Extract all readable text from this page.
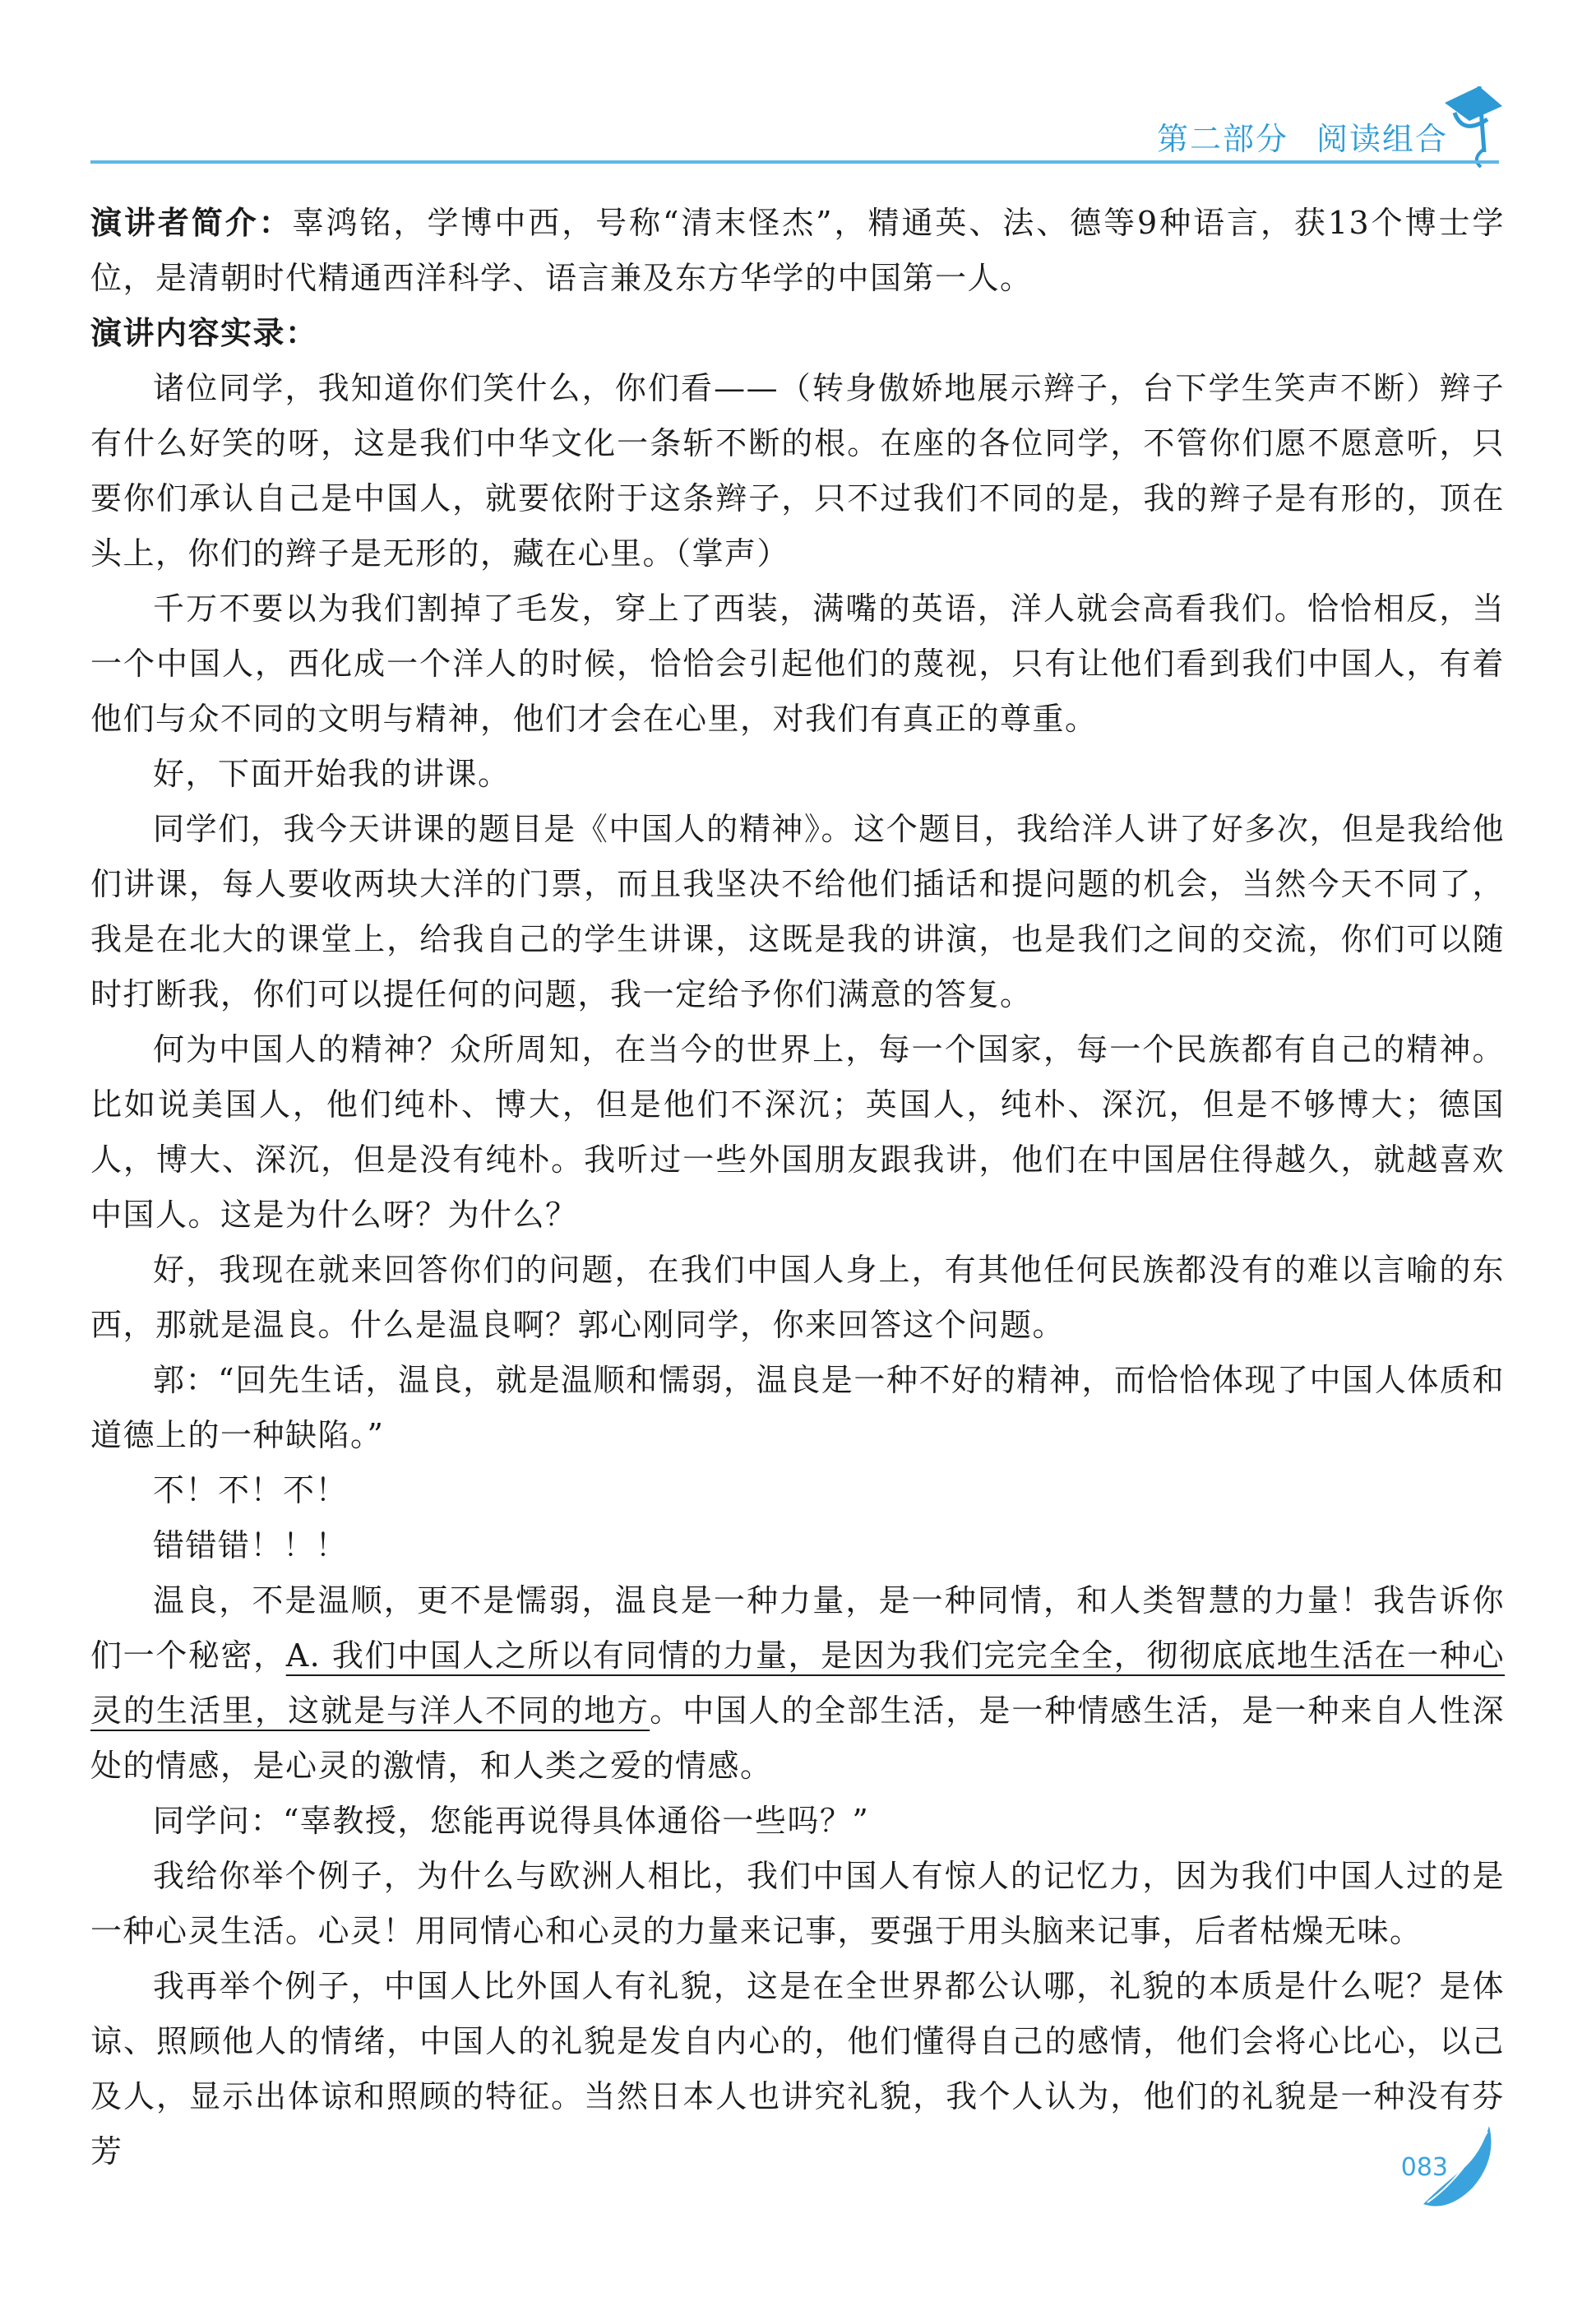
第二部分 阅读组合

演讲者简介：辜鸿铭，学博中西，号称“清末怪杰”，精通英、法、德等9种语言，获13个博士学位，是清朝时代精通西洋科学、语言兼及东方华学的中国第一人。

演讲内容实录：

诸位同学，我知道你们笑什么，你们看——（转身傲娇地展示辫子，台下学生笑声不断）辫子有什么好笑的呀，这是我们中华文化一条斩不断的根。在座的各位同学，不管你们愿不愿意听，只要你们承认自己是中国人，就要依附于这条辫子，只不过我们不同的是，我的辫子是有形的，顶在头上，你们的辫子是无形的，藏在心里。（掌声）

千万不要以为我们割掉了毛发，穿上了西装，满嘴的英语，洋人就会高看我们。恰恰相反，当一个中国人，西化成一个洋人的时候，恰恰会引起他们的蔑视，只有让他们看到我们中国人，有着他们与众不同的文明与精神，他们才会在心里，对我们有真正的尊重。

好，下面开始我的讲课。

同学们，我今天讲课的题目是《中国人的精神》。这个题目，我给洋人讲了好多次，但是我给他们讲课，每人要收两块大洋的门票，而且我坚决不给他们插话和提问题的机会，当然今天不同了，我是在北大的课堂上，给我自己的学生讲课，这既是我的讲演，也是我们之间的交流，你们可以随时打断我，你们可以提任何的问题，我一定给予你们满意的答复。

何为中国人的精神？众所周知，在当今的世界上，每一个国家，每一个民族都有自己的精神。比如说美国人，他们纯朴、博大，但是他们不深沉；英国人，纯朴、深沉，但是不够博大；德国人，博大、深沉，但是没有纯朴。我听过一些外国朋友跟我讲，他们在中国居住得越久，就越喜欢中国人。这是为什么呀？为什么？

好，我现在就来回答你们的问题，在我们中国人身上，有其他任何民族都没有的难以言喻的东西，那就是温良。什么是温良啊？郭心刚同学，你来回答这个问题。

郭：“回先生话，温良，就是温顺和懦弱，温良是一种不好的精神，而恰恰体现了中国人体质和道德上的一种缺陷。”

不！不！不！

错错错！！！

温良，不是温顺，更不是懦弱，温良是一种力量，是一种同情，和人类智慧的力量！我告诉你们一个秘密，A. 我们中国人之所以有同情的力量，是因为我们完完全全，彻彻底底地生活在一种心灵的生活里，这就是与洋人不同的地方。中国人的全部生活，是一种情感生活，是一种来自人性深处的情感，是心灵的激情，和人类之爱的情感。

同学问：“辜教授，您能再说得具体通俗一些吗？”

我给你举个例子，为什么与欧洲人相比，我们中国人有惊人的记忆力，因为我们中国人过的是一种心灵生活。心灵！用同情心和心灵的力量来记事，要强于用头脑来记事，后者枯燥无味。

我再举个例子，中国人比外国人有礼貌，这是在全世界都公认哪，礼貌的本质是什么呢？是体谅、照顾他人的情绪，中国人的礼貌是发自内心的，他们懂得自己的感情，他们会将心比心，以己及人，显示出体谅和照顾的特征。当然日本人也讲究礼貌，我个人认为，他们的礼貌是一种没有芬芳	083
